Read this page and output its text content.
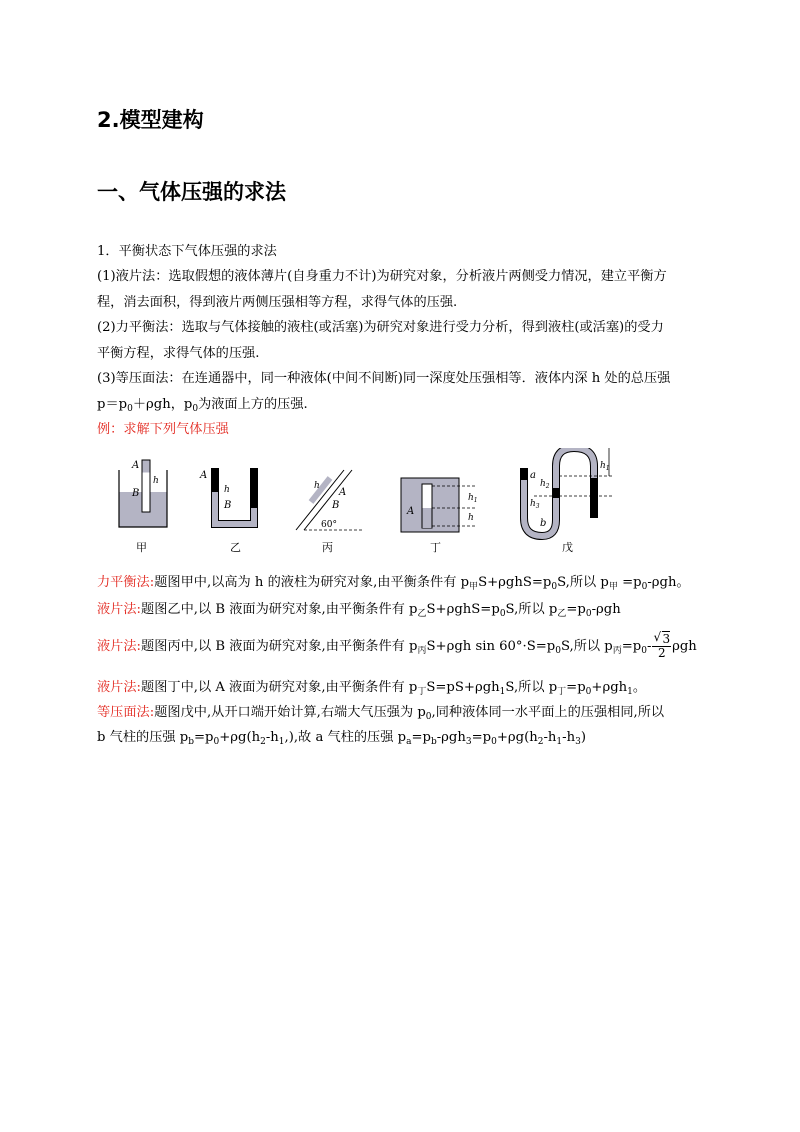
2.模型建构
一、气体压强的求法
1．平衡状态下气体压强的求法
(1)液片法：选取假想的液体薄片(自身重力不计)为研究对象，分析液片两侧受力情况，建立平衡方
程，消去面积，得到液片两侧压强相等方程，求得气体的压强.
(2)力平衡法：选取与气体接触的液柱(或活塞)为研究对象进行受力分析，得到液柱(或活塞)的受力
平衡方程，求得气体的压强.
(3)等压面法：在连通器中，同一种液体(中间不间断)同一深度处压强相等．液体内深 h 处的总压强
$p=p_0+\rho gh$，$p_0$为液面上方的压强.
例：求解下列气体压强
A
B
h
甲
A
h
B
乙
h
A
B
60°
丙
A
$h_1$
h
丁
$h_2$
$h_1$
$h_3$
a
b
戊
力平衡法:题图甲中,以高为 h 的液柱为研究对象,由平衡条件有 $p_甲S+\rho ghS=p_0S$,所以 $p_甲 =p_0-\rho gh$。
液片法:题图乙中,以 B 液面为研究对象,由平衡条件有 $p_乙S+\rho ghS=p_0S$,所以 $p_乙=p_0$-ρgh
液片法:题图丙中,以 B 液面为研究对象,由平衡条件有 $p_丙S+\rho gh$ $\sin 60^\circ\cdot S=p_0S$,所以 $p_丙=p_0-$
√ $\frac{3}{2}$ ρgh
液片法:题图丁中,以 A 液面为研究对象,由平衡条件有 $p_丁S=pS+\rho gh_1S$,所以 $p_丁=p_0+\rho gh_1$。
等压面法:题图戊中,从开口端开始计算,右端大气压强为 $p_0$,同种液体同一水平面上的压强相同,所以
b 气柱的压强 $p_b=p_0+\rho g(h_2-h_1,)$,故 a 气柱的压强 $p_a=p_b-\rho gh_3=p_0+\rho g(h_2-h_1-h_3)$
